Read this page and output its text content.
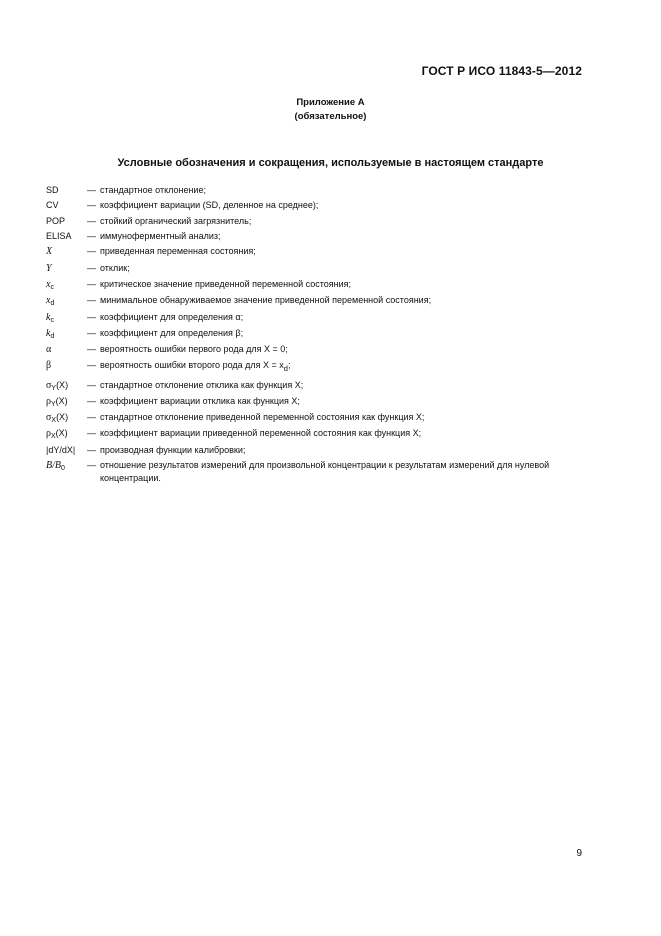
ГОСТ Р ИСО 11843-5—2012
Приложение А
(обязательное)
Условные обозначения и сокращения, используемые в настоящем стандарте
SD	— стандартное отклонение;
CV	— коэффициент вариации (SD, деленное на среднее);
POP	— стойкий органический загрязнитель;
ELISA	— иммуноферментный анализ;
X	— приведенная переменная состояния;
Y	— отклик;
$x_c$	— критическое значение приведенной переменной состояния;
$x_d$	— минимальное обнаруживаемое значение приведенной переменной состояния;
$k_c$	— коэффициент для определения α;
$k_d$	— коэффициент для определения β;
α	— вероятность ошибки первого рода для X = 0;
β	— вероятность ошибки второго рода для $X = x_d$;
$\sigma_Y(X)$	— стандартное отклонение отклика как функция X;
$\rho_Y(X)$	— коэффициент вариации отклика как функция X;
$\sigma_X(X)$	— стандартное отклонение приведенной переменной состояния как функция X;
$\rho_X(X)$	— коэффициент вариации приведенной переменной состояния как функция X;
|dY/dX|	— производная функции калибровки;
$B/B_0$	— отношение результатов измерений для произвольной концентрации к результатам измерений для нулевой концентрации.
9
